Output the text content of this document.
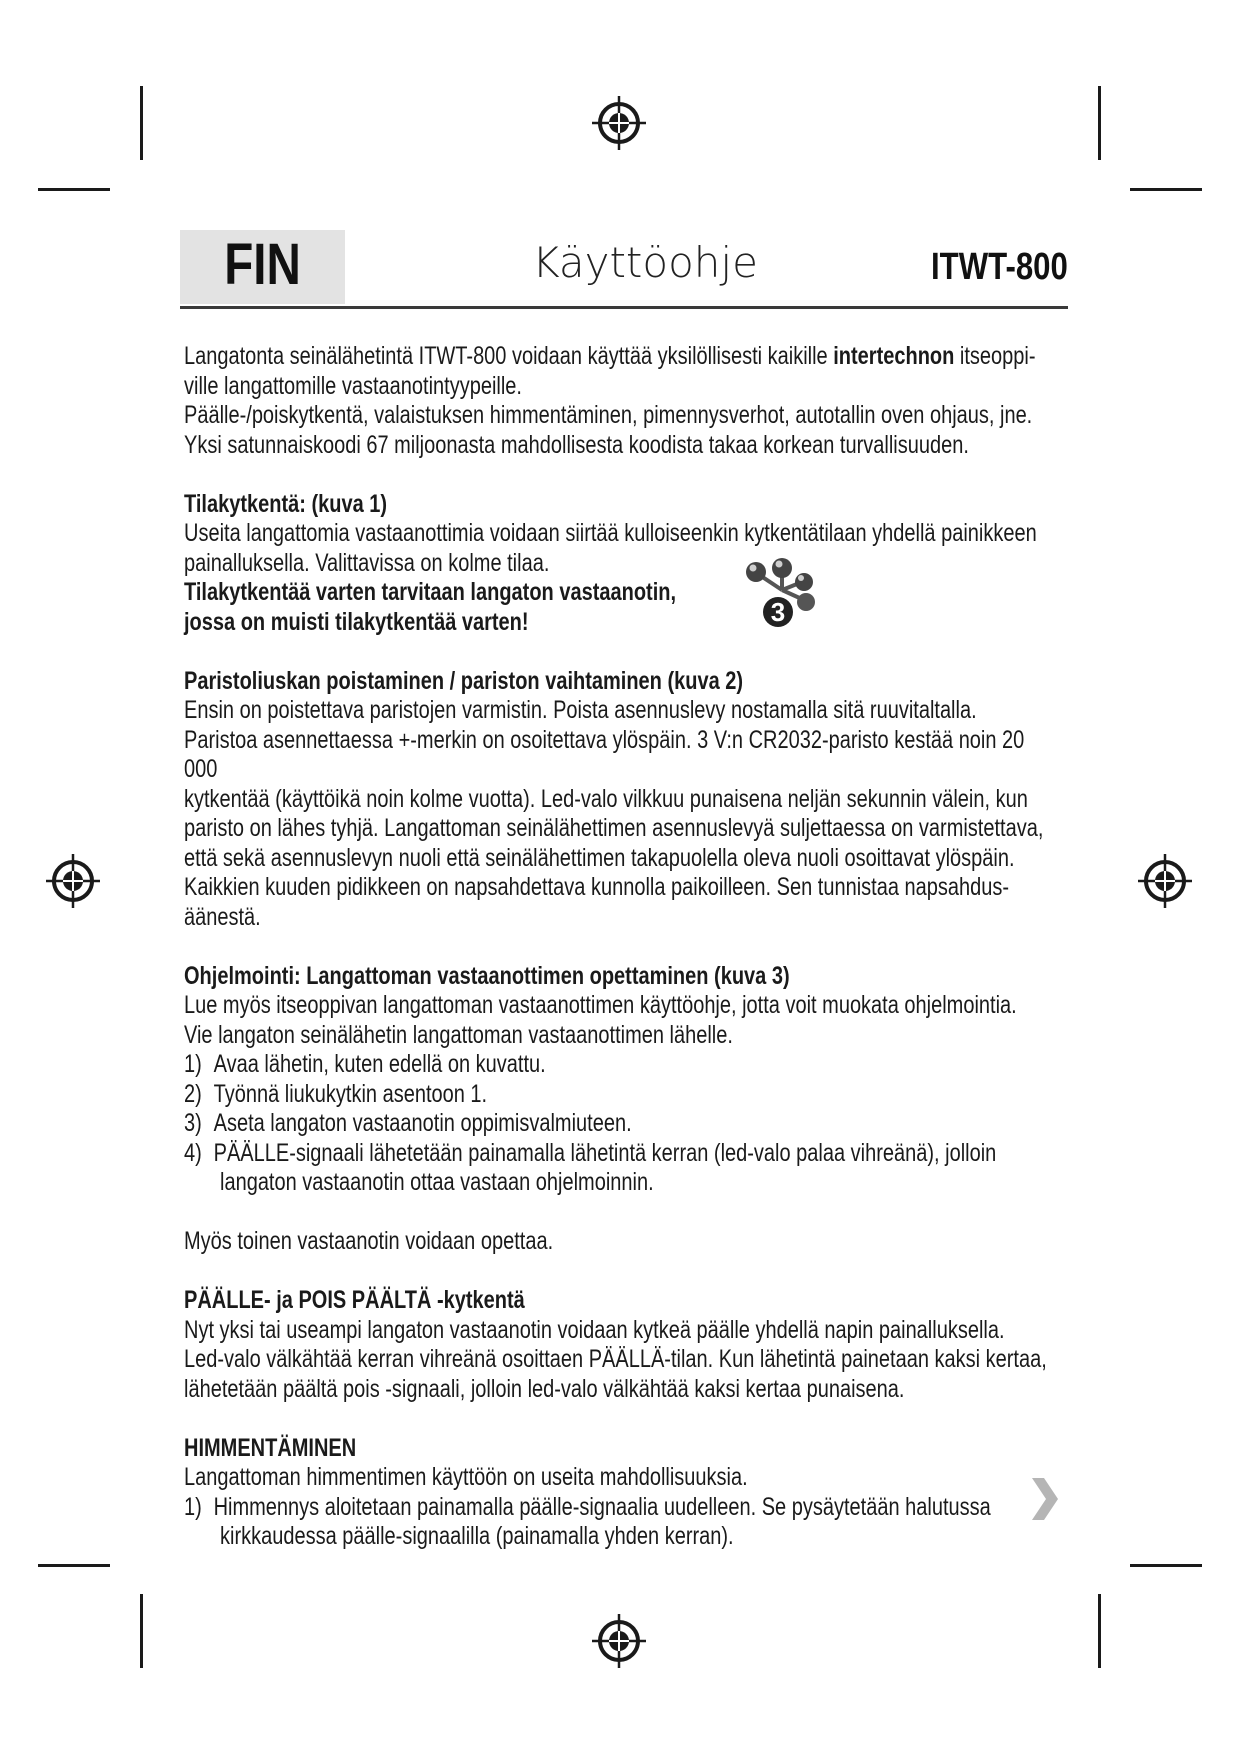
FIN	Käyttöohje	ITWT-800

Langatonta seinälähetintä ITWT-800 voidaan käyttää yksilöllisesti kaikille intertechnon itseoppi-

ville langattomille vastaanotintyypeille.

Päälle-/poiskytkentä, valaistuksen himmentäminen, pimennysverhot, autotallin oven ohjaus, jne.

Yksi satunnaiskoodi 67 miljoonasta mahdollisesta koodista takaa korkean turvallisuuden.

Tilakytkentä: (kuva 1)

Useita langattomia vastaanottimia voidaan siirtää kulloiseenkin kytkentätilaan yhdellä painikkeen

painalluksella. Valittavissa on kolme tilaa.

Tilakytkentää varten tarvitaan langaton vastaanotin,

jossa on muisti tilakytkentää varten!

Paristoliuskan poistaminen / pariston vaihtaminen (kuva 2)

Ensin on poistettava paristojen varmistin. Poista asennuslevy nostamalla sitä ruuvitaltalla.

Paristoa asennettaessa +-merkin on osoitettava ylöspäin. 3 V:n CR2032-paristo kestää noin 20 000

kytkentää (käyttöikä noin kolme vuotta). Led-valo vilkkuu punaisena neljän sekunnin välein, kun

paristo on lähes tyhjä. Langattoman seinälähettimen asennuslevyä suljettaessa on varmistettava,

että sekä asennuslevyn nuoli että seinälähettimen takapuolella oleva nuoli osoittavat ylöspäin.

Kaikkien kuuden pidikkeen on napsahdettava kunnolla paikoilleen. Sen tunnistaa napsahdus-

äänestä.

Ohjelmointi: Langattoman vastaanottimen opettaminen (kuva 3)

Lue myös itseoppivan langattoman vastaanottimen käyttöohje, jotta voit muokata ohjelmointia.

Vie langaton seinälähetin langattoman vastaanottimen lähelle.

1) Avaa lähetin, kuten edellä on kuvattu.

2) Työnnä liukukytkin asentoon 1.

3) Aseta langaton vastaanotin oppimisvalmiuteen.

4) PÄÄLLE-signaali lähetetään painamalla lähetintä kerran (led-valo palaa vihreänä), jolloin

langaton vastaanotin ottaa vastaan ohjelmoinnin.

Myös toinen vastaanotin voidaan opettaa.

PÄÄLLE- ja POIS PÄÄLTÄ -kytkentä

Nyt yksi tai useampi langaton vastaanotin voidaan kytkeä päälle yhdellä napin painalluksella.

Led-valo välkähtää kerran vihreänä osoittaen PÄÄLLÄ-tilan. Kun lähetintä painetaan kaksi kertaa,

lähetetään päältä pois -signaali, jolloin led-valo välkähtää kaksi kertaa punaisena.

HIMMENTÄMINEN

Langattoman himmentimen käyttöön on useita mahdollisuuksia.

1) Himmennys aloitetaan painamalla päälle-signaalia uudelleen. Se pysäytetään halutussa

kirkkaudessa päälle-signaalilla (painamalla yhden kerran).

3
